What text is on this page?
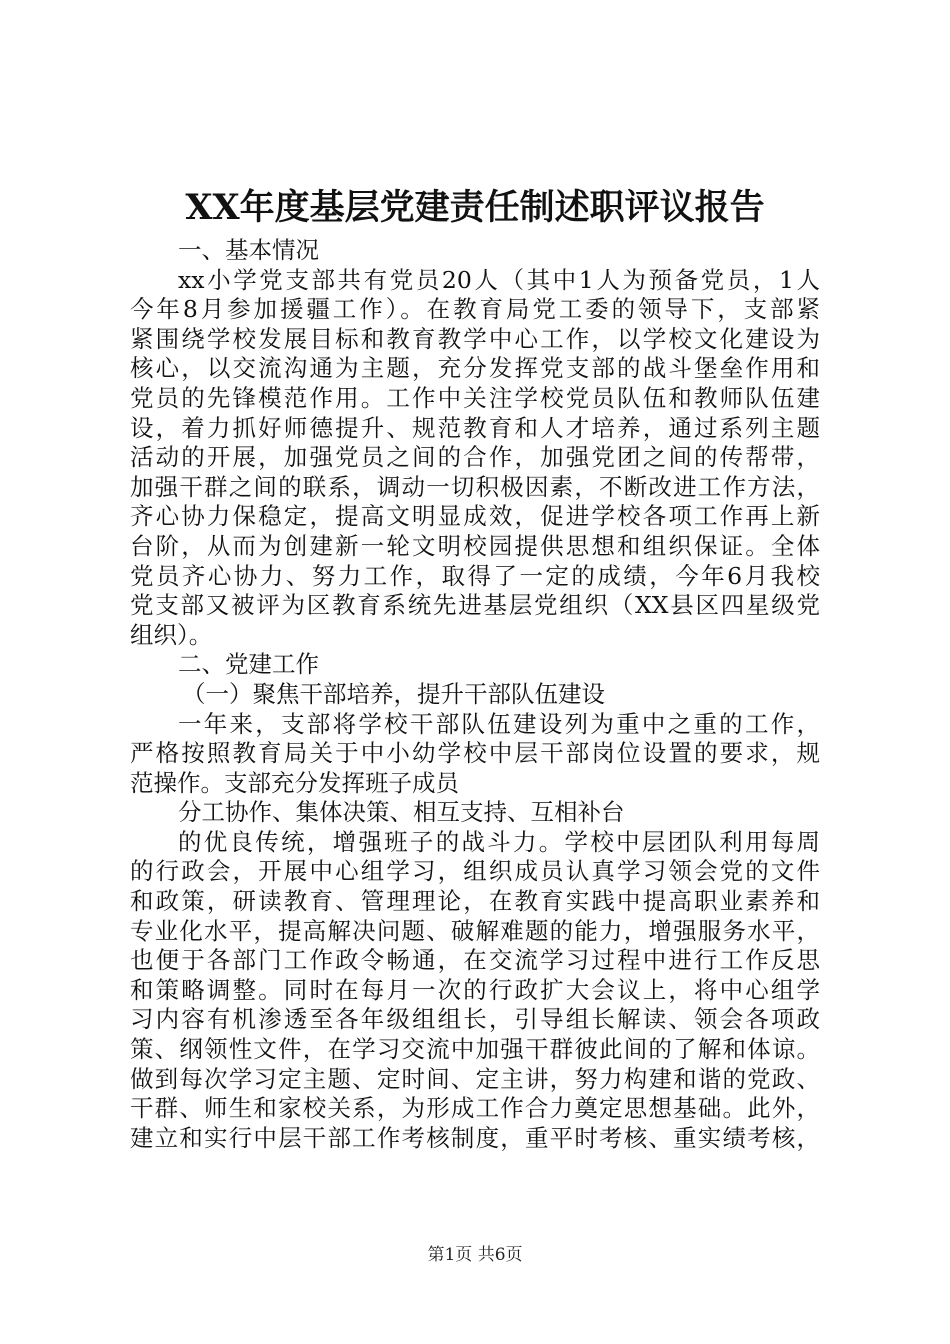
XX年度基层党建责任制述职评议报告
一、基本情况
xx小学党支部共有党员20人（其中1人为预备党员，1人
今年8月参加援疆工作）。在教育局党工委的领导下，支部紧
紧围绕学校发展目标和教育教学中心工作，以学校文化建设为
核心，以交流沟通为主题，充分发挥党支部的战斗堡垒作用和
党员的先锋模范作用。工作中关注学校党员队伍和教师队伍建
设，着力抓好师德提升、规范教育和人才培养，通过系列主题
活动的开展，加强党员之间的合作，加强党团之间的传帮带，
加强干群之间的联系，调动一切积极因素，不断改进工作方法，
齐心协力保稳定，提高文明显成效，促进学校各项工作再上新
台阶，从而为创建新一轮文明校园提供思想和组织保证。全体
党员齐心协力、努力工作，取得了一定的成绩，今年6月我校
党支部又被评为区教育系统先进基层党组织（XX县区四星级党
组织）。
二、党建工作
（一）聚焦干部培养，提升干部队伍建设
一年来，支部将学校干部队伍建设列为重中之重的工作，
严格按照教育局关于中小幼学校中层干部岗位设置的要求，规
范操作。支部充分发挥班子成员
分工协作、集体决策、相互支持、互相补台
的优良传统，增强班子的战斗力。学校中层团队利用每周
的行政会，开展中心组学习，组织成员认真学习领会党的文件
和政策，研读教育、管理理论，在教育实践中提高职业素养和
专业化水平，提高解决问题、破解难题的能力，增强服务水平，
也便于各部门工作政令畅通，在交流学习过程中进行工作反思
和策略调整。同时在每月一次的行政扩大会议上，将中心组学
习内容有机渗透至各年级组组长，引导组长解读、领会各项政
策、纲领性文件，在学习交流中加强干群彼此间的了解和体谅。
做到每次学习定主题、定时间、定主讲，努力构建和谐的党政、
干群、师生和家校关系，为形成工作合力奠定思想基础。此外，
建立和实行中层干部工作考核制度，重平时考核、重实绩考核，
第1页 共6页
